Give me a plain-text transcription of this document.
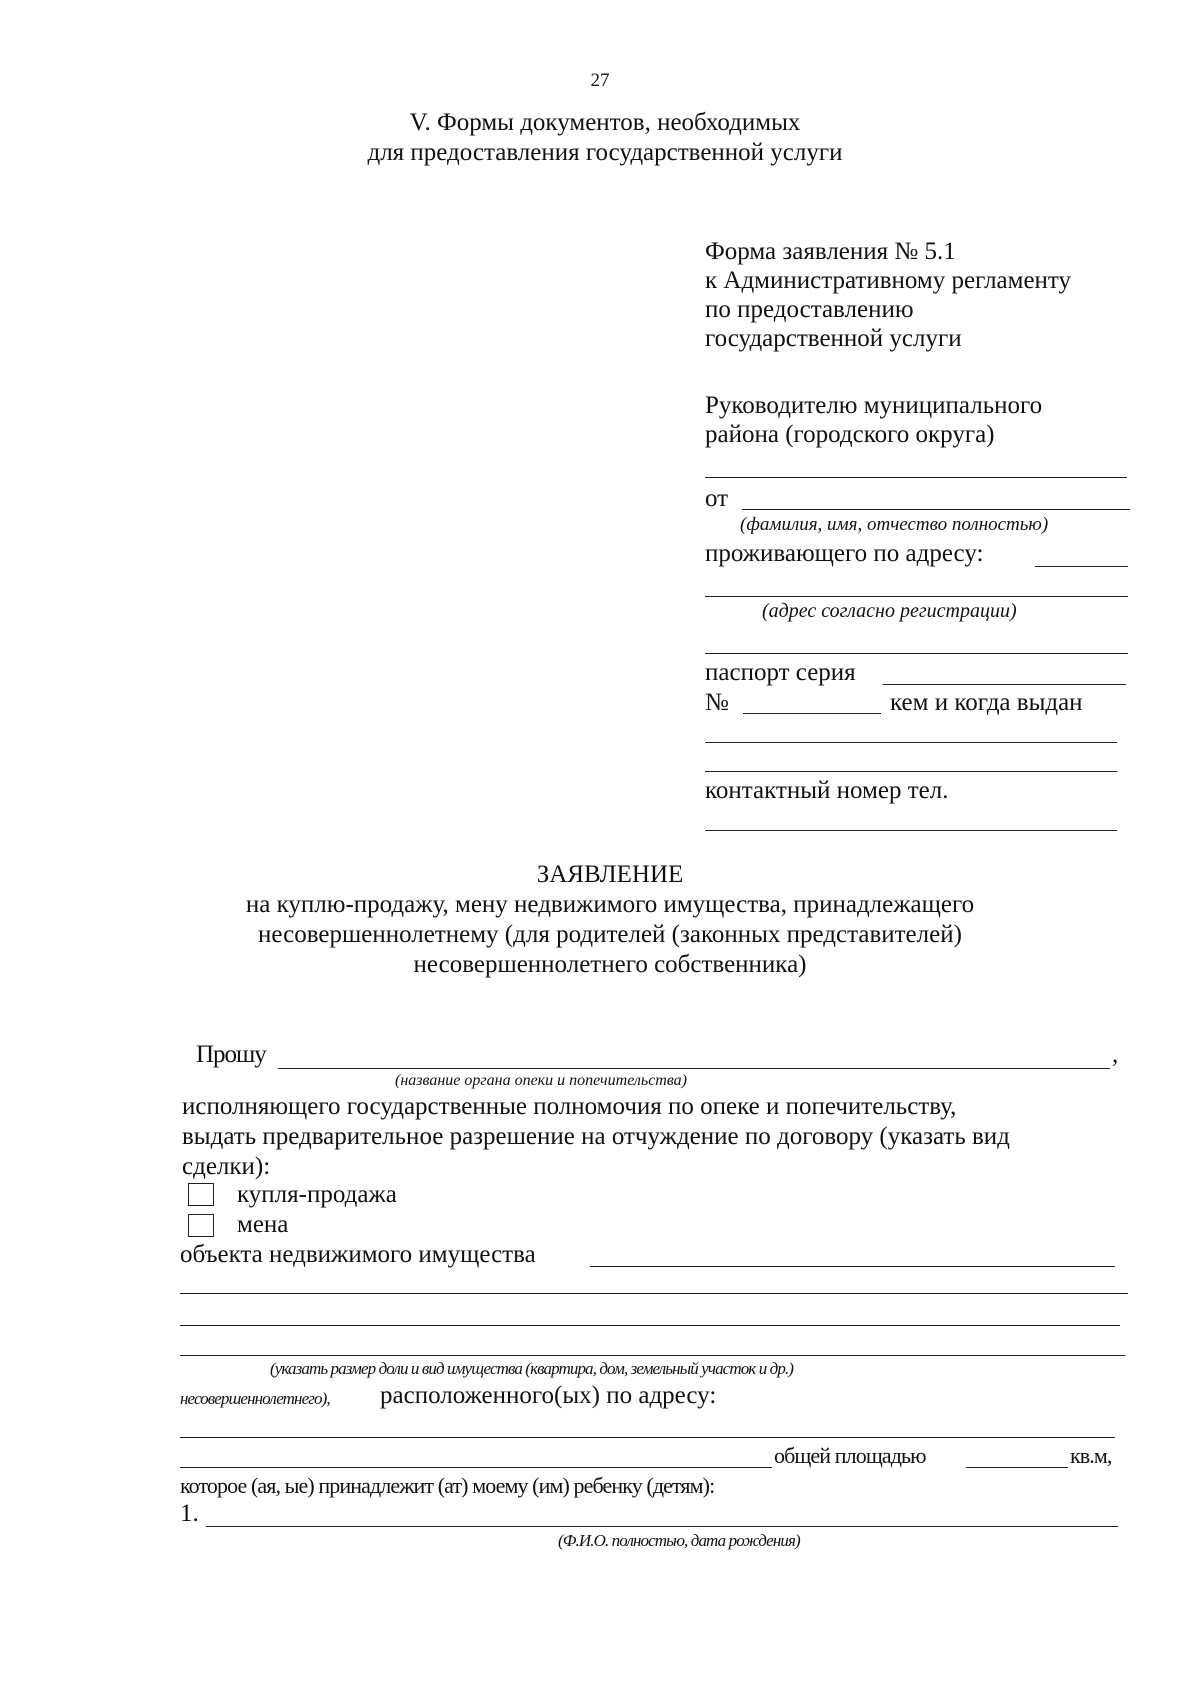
27
V. Формы документов, необходимых
для предоставления государственной услуги
Форма заявления № 5.1
к Административному регламенту
по предоставлению
государственной услуги
Руководителю муниципального
района (городского округа)
от
(фамилия, имя, отчество полностью)
проживающего по адресу:
(адрес согласно регистрации)
паспорт серия
№	кем и когда выдан
контактный номер тел.
ЗАЯВЛЕНИЕ
на куплю-продажу, мену недвижимого имущества, принадлежащего
несовершеннолетнему (для родителей (законных представителей)
несовершеннолетнего собственника)
Прошу	,
(название органа опеки и попечительства)
исполняющего государственные полномочия по опеке и попечительству,
выдать предварительное разрешение на отчуждение по договору (указать вид
сделки):
купля-продажа
мена
объекта недвижимого имущества
(указать размер доли и вид имущества (квартира, дом, земельный участок и др.)
несовершеннолетнего), расположенного(ых) по адресу:
общей площадью	кв.м,
которое (ая, ые) принадлежит (ат) моему (им) ребенку (детям):
1.
(Ф.И.О. полностью, дата рождения)
